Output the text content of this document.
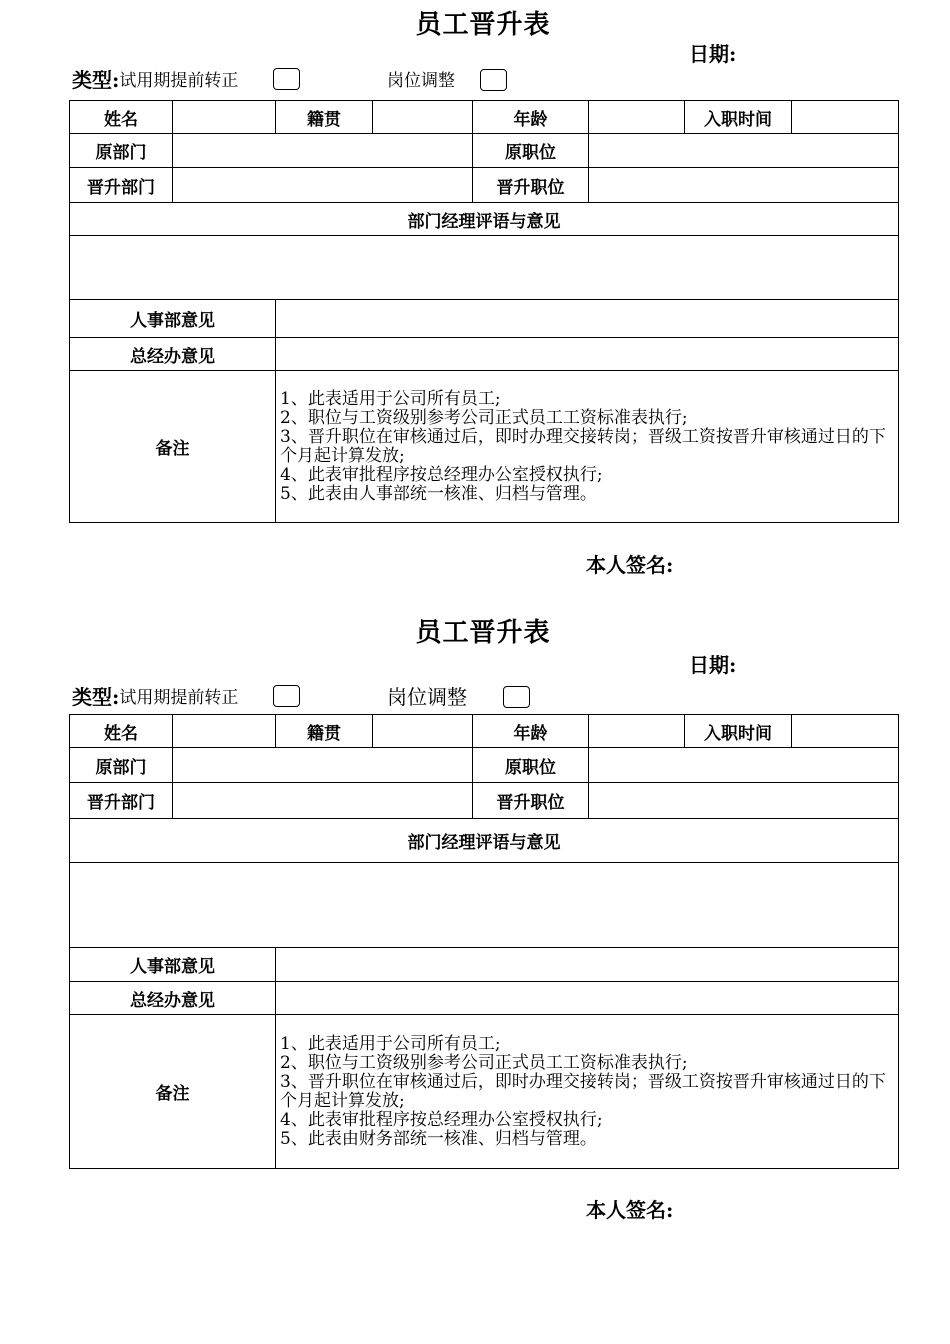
员工晋升表
日期:
类型: 试用期提前转正	岗位调整
姓名		籍贯		年龄		入职时间	
原部门				原职位			
晋升部门				晋升职位			
部门经理评语与意见							

人事部意见							
总经办意见							
备注		1、此表适用于公司所有员工;
2、职位与工资级别参考公司正式员工工资标准表执行;
3、晋升职位在审核通过后，即时办理交接转岗；晋级工资按晋升审核通过日的下个月起计算发放;
4、此表审批程序按总经理办公室授权执行;
5、此表由人事部统一核准、归档与管理。					
本人签名:
员工晋升表
日期:
类型: 试用期提前转正	岗位调整
姓名		籍贯		年龄		入职时间	
原部门				原职位			
晋升部门				晋升职位			
部门经理评语与意见							

人事部意见							
总经办意见							
备注		1、此表适用于公司所有员工;
2、职位与工资级别参考公司正式员工工资标准表执行;
3、晋升职位在审核通过后，即时办理交接转岗；晋级工资按晋升审核通过日的下个月起计算发放;
4、此表审批程序按总经理办公室授权执行;
5、此表由财务部统一核准、归档与管理。					
本人签名:
